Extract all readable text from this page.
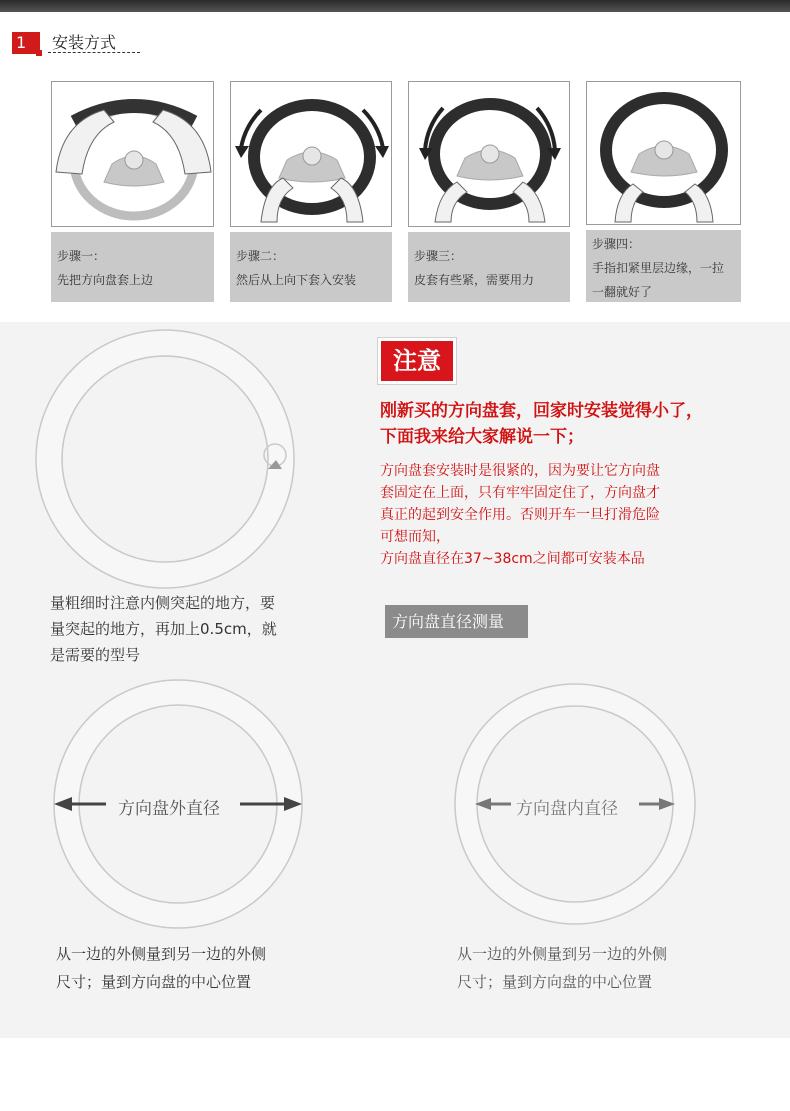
1	安装方式
步骤一：
先把方向盘套上边
步骤二：
然后从上向下套入安装
步骤三：
皮套有些紧，需要用力
步骤四：
手指扣紧里层边缘，一拉
一翻就好了
注意
刚新买的方向盘套，回家时安装觉得小了，
下面我来给大家解说一下；
方向盘套安装时是很紧的，因为要让它方向盘
套固定在上面，只有牢牢固定住了，方向盘才
真正的起到安全作用。否则开车一旦打滑危险
可想而知，
方向盘直径在37~38cm之间都可安装本品
量粗细时注意内侧突起的地方，要
量突起的地方，再加上0.5cm，就
是需要的型号
方向盘直径测量
方向盘外直径
从一边的外侧量到另一边的外侧
尺寸；量到方向盘的中心位置
方向盘内直径
从一边的外侧量到另一边的外侧
尺寸；量到方向盘的中心位置
